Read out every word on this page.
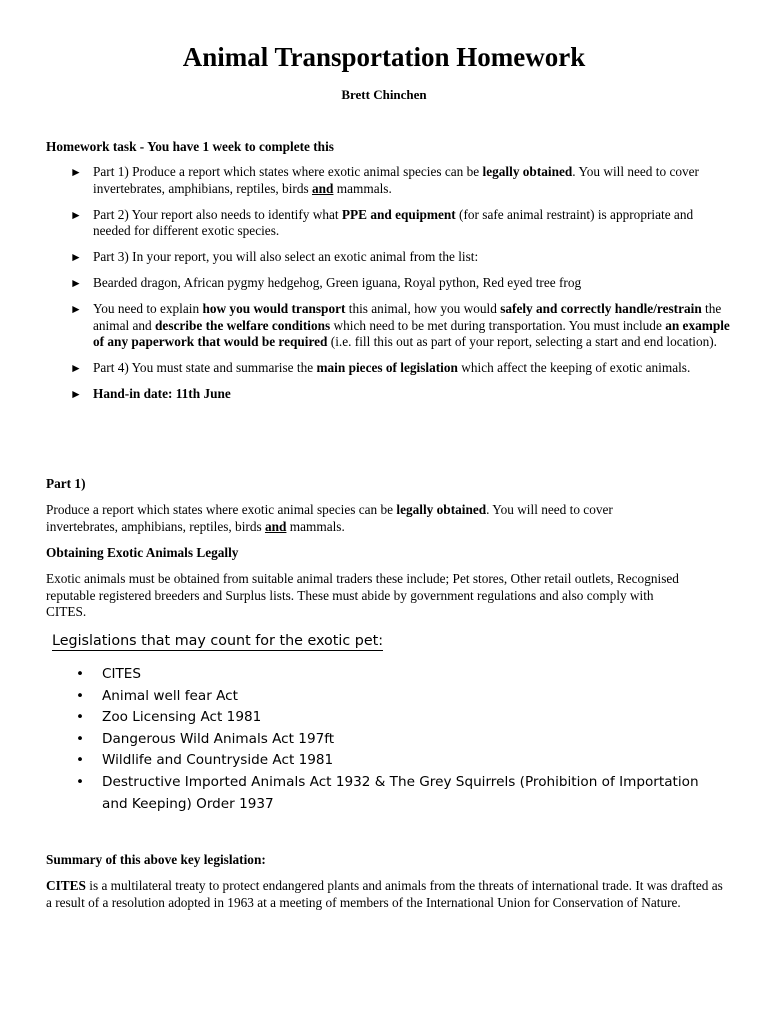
Animal Transportation Homework
Brett Chinchen
Homework task - You have 1 week to complete this
► Part 1) Produce a report which states where exotic animal species can be legally obtained. You will need to cover invertebrates, amphibians, reptiles, birds and mammals.
► Part 2) Your report also needs to identify what PPE and equipment (for safe animal restraint) is appropriate and needed for different exotic species.
► Part 3) In your report, you will also select an exotic animal from the list:
► Bearded dragon, African pygmy hedgehog, Green iguana, Royal python, Red eyed tree frog
► You need to explain how you would transport this animal, how you would safely and correctly handle/restrain the animal and describe the welfare conditions which need to be met during transportation. You must include an example of any paperwork that would be required (i.e. fill this out as part of your report, selecting a start and end location).
► Part 4) You must state and summarise the main pieces of legislation which affect the keeping of exotic animals.
► Hand-in date: 11th June
Part 1)
Produce a report which states where exotic animal species can be legally obtained. You will need to cover invertebrates, amphibians, reptiles, birds and mammals.
Obtaining Exotic Animals Legally
Exotic animals must be obtained from suitable animal traders these include; Pet stores, Other retail outlets, Recognised reputable registered breeders and Surplus lists. These must abide by government regulations and also comply with CITES.
Legislations that may count for the exotic pet:
• CITES
• Animal well fear Act
• Zoo Licensing Act 1981
• Dangerous Wild Animals Act 197ft
• Wildlife and Countryside Act 1981
• Destructive Imported Animals Act 1932 & The Grey Squirrels (Prohibition of Importation and Keeping) Order 1937
Summary of this above key legislation:
CITES is a multilateral treaty to protect endangered plants and animals from the threats of international trade. It was drafted as a result of a resolution adopted in 1963 at a meeting of members of the International Union for Conservation of Nature.
